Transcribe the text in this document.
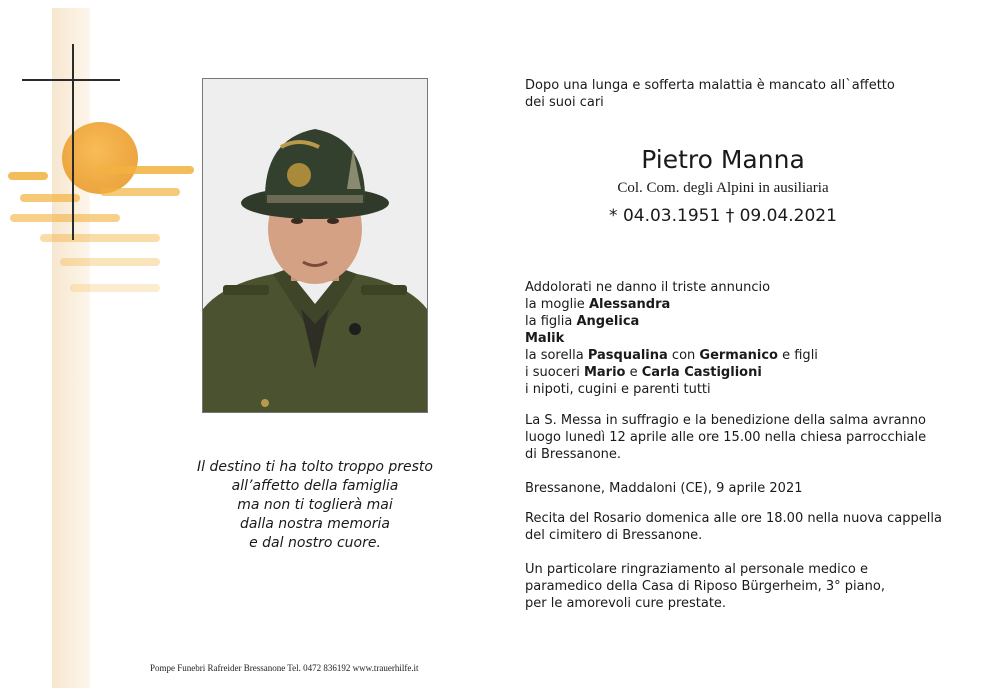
Il destino ti ha tolto troppo presto
all’affetto della famiglia
ma non ti toglierà mai
dalla nostra memoria
e dal nostro cuore.
Pompe Funebri Rafreider Bressanone Tel. 0472 836192 www.trauerhilfe.it
Dopo una lunga e sofferta malattia è mancato all`affetto
dei suoi cari
Pietro Manna
Col. Com. degli Alpini in ausiliaria
* 04.03.1951 † 09.04.2021
Addolorati ne danno il triste annuncio
la moglie Alessandra
la figlia Angelica
Malik
la sorella Pasqualina con Germanico e figli
i suoceri Mario e Carla Castiglioni
i nipoti, cugini e parenti tutti
La S. Messa in suffragio e la benedizione della salma avranno
luogo lunedì 12 aprile alle ore 15.00 nella chiesa parrocchiale
di Bressanone.
Bressanone, Maddaloni (CE), 9 aprile 2021
Recita del Rosario domenica alle ore 18.00 nella nuova cappella
del cimitero di Bressanone.
Un particolare ringraziamento al personale medico e
paramedico della Casa di Riposo Bürgerheim, 3° piano,
per le amorevoli cure prestate.
